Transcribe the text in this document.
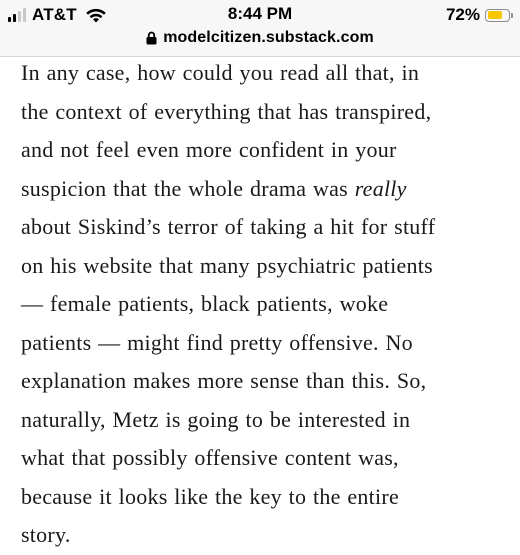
AT&T	8:44 PM	72%
modelcitizen.substack.com

In any case, how could you read all that, in
the context of everything that has transpired,
and not feel even more confident in your
suspicion that the whole drama was really
about Siskind’s terror of taking a hit for stuff
on his website that many psychiatric patients
— female patients, black patients, woke
patients — might find pretty offensive. No
explanation makes more sense than this. So,
naturally, Metz is going to be interested in
what that possibly offensive content was,
because it looks like the key to the entire
story.
